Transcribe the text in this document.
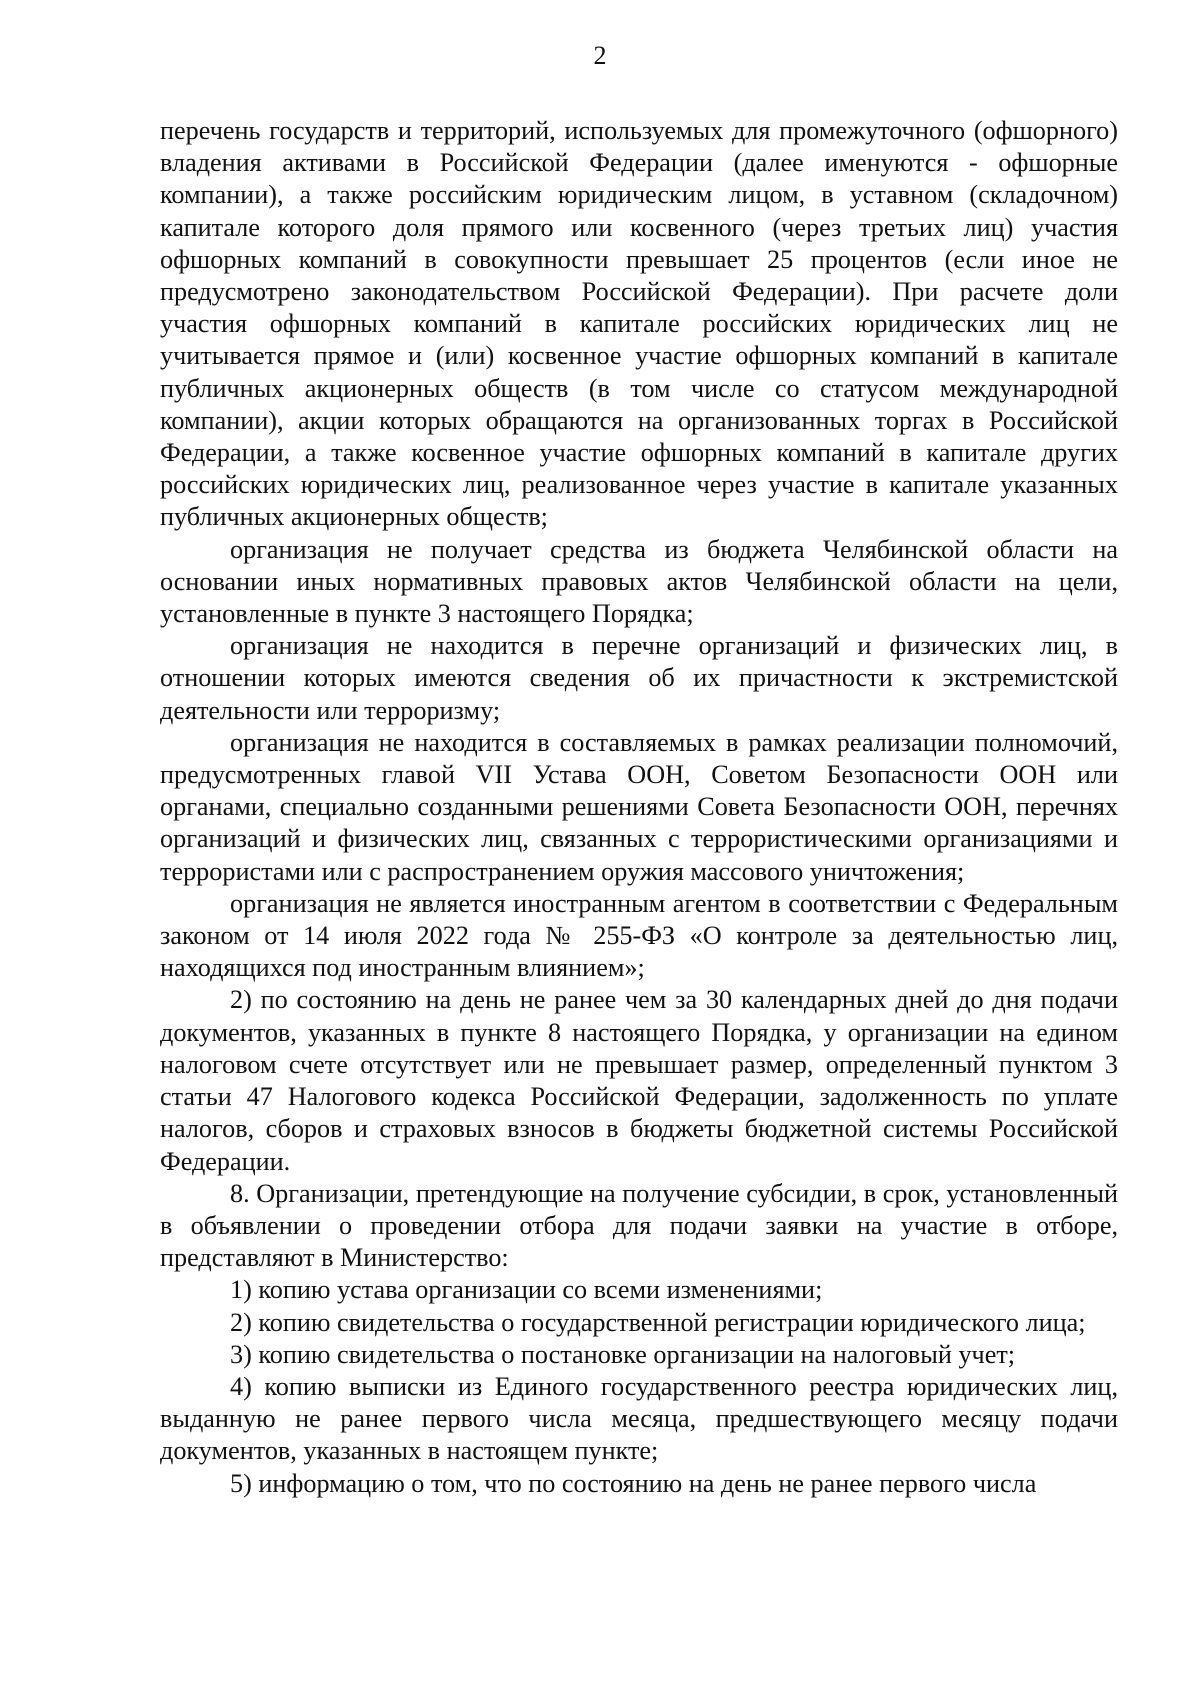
2

перечень государств и территорий, используемых для промежуточного (офшорного) владения активами в Российской Федерации (далее именуются - офшорные компании), а также российским юридическим лицом, в уставном (складочном) капитале которого доля прямого или косвенного (через третьих лиц) участия офшорных компаний в совокупности превышает 25 процентов (если иное не предусмотрено законодательством Российской Федерации). При расчете доли участия офшорных компаний в капитале российских юридических лиц не учитывается прямое и (или) косвенное участие офшорных компаний в капитале публичных акционерных обществ (в том числе со статусом международной компании), акции которых обращаются на организованных торгах в Российской Федерации, а также косвенное участие офшорных компаний в капитале других российских юридических лиц, реализованное через участие в капитале указанных публичных акционерных обществ;

организация не получает средства из бюджета Челябинской области на основании иных нормативных правовых актов Челябинской области на цели, установленные в пункте 3 настоящего Порядка;

организация не находится в перечне организаций и физических лиц, в отношении которых имеются сведения об их причастности к экстремистской деятельности или терроризму;

организация не находится в составляемых в рамках реализации полномочий, предусмотренных главой VII Устава ООН, Советом Безопасности ООН или органами, специально созданными решениями Совета Безопасности ООН, перечнях организаций и физических лиц, связанных с террористическими организациями и террористами или с распространением оружия массового уничтожения;

организация не является иностранным агентом в соответствии с Федеральным законом от 14 июля 2022 года № 255-ФЗ «О контроле за деятельностью лиц, находящихся под иностранным влиянием»;

2) по состоянию на день не ранее чем за 30 календарных дней до дня подачи документов, указанных в пункте 8 настоящего Порядка, у организации на едином налоговом счете отсутствует или не превышает размер, определенный пунктом 3 статьи 47 Налогового кодекса Российской Федерации, задолженность по уплате налогов, сборов и страховых взносов в бюджеты бюджетной системы Российской Федерации.

8. Организации, претендующие на получение субсидии, в срок, установленный в объявлении о проведении отбора для подачи заявки на участие в отборе, представляют в Министерство:

1) копию устава организации со всеми изменениями;

2) копию свидетельства о государственной регистрации юридического лица;

3) копию свидетельства о постановке организации на налоговый учет;

4) копию выписки из Единого государственного реестра юридических лиц, выданную не ранее первого числа месяца, предшествующего месяцу подачи документов, указанных в настоящем пункте;

5) информацию о том, что по состоянию на день не ранее первого числа
